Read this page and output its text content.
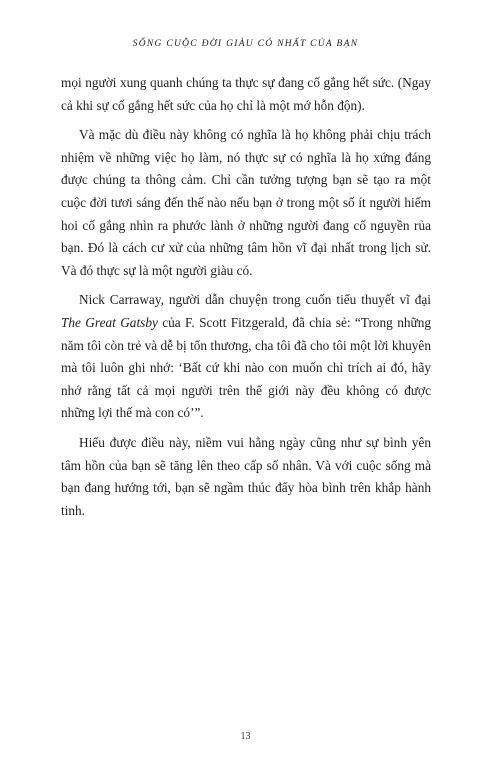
SỐNG CUỘC ĐỜI GIÀU CÓ NHẤT CỦA BẠN

mọi người xung quanh chúng ta thực sự đang cố gắng hết sức. (Ngay cả khi sự cố gắng hết sức của họ chỉ là một mớ hỗn độn).

Và mặc dù điều này không có nghĩa là họ không phải chịu trách nhiệm về những việc họ làm, nó thực sự có nghĩa là họ xứng đáng được chúng ta thông cảm. Chỉ cần tưởng tượng bạn sẽ tạo ra một cuộc đời tươi sáng đến thế nào nếu bạn ở trong một số ít người hiếm hoi cố gắng nhìn ra phước lành ở những người đang cố nguyền rủa bạn. Đó là cách cư xử của những tâm hồn vĩ đại nhất trong lịch sử. Và đó thực sự là một người giàu có.

Nick Carraway, người dẫn chuyện trong cuốn tiểu thuyết vĩ đại The Great Gatsby của F. Scott Fitzgerald, đã chia sẻ: “Trong những năm tôi còn trẻ và dễ bị tổn thương, cha tôi đã cho tôi một lời khuyên mà tôi luôn ghi nhớ: ‘Bất cứ khi nào con muốn chỉ trích ai đó, hãy nhớ rằng tất cả mọi người trên thế giới này đều không có được những lợi thế mà con có’”.

Hiểu được điều này, niềm vui hằng ngày cũng như sự bình yên tâm hồn của bạn sẽ tăng lên theo cấp số nhân. Và với cuộc sống mà bạn đang hướng tới, bạn sẽ ngầm thúc đẩy hòa bình trên khắp hành tinh.

13
